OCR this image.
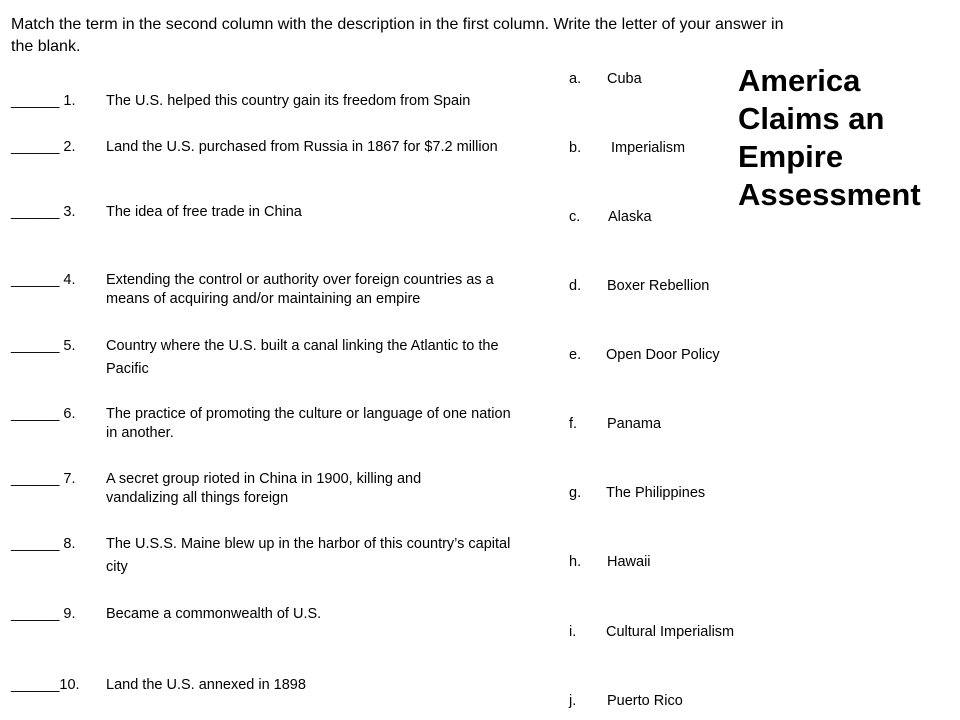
Match the term in the second column with the description in the first column. Write the letter of your answer in the blank.
America
Claims an
Empire
Assessment
______ 1. The U.S. helped this country gain its freedom from Spain
______ 2. Land the U.S. purchased from Russia in 1867 for $7.2 million
______ 3. The idea of free trade in China
______ 4. Extending the control or authority over foreign countries as a means of acquiring and/or maintaining an empire
______ 5. Country where the U.S. built a canal linking the Atlantic to the Pacific
______ 6. The practice of promoting the culture or language of one nation in another.
______ 7. A secret group rioted in China in 1900, killing and vandalizing all things foreign
______ 8. The U.S.S. Maine blew up in the harbor of this country’s capital city
______ 9. Became a commonwealth of U.S.
______10. Land the U.S. annexed in 1898
a. Cuba
b. Imperialism
c. Alaska
d. Boxer Rebellion
e. Open Door Policy
f. Panama
g. The Philippines
h. Hawaii
i. Cultural Imperialism
j. Puerto Rico
